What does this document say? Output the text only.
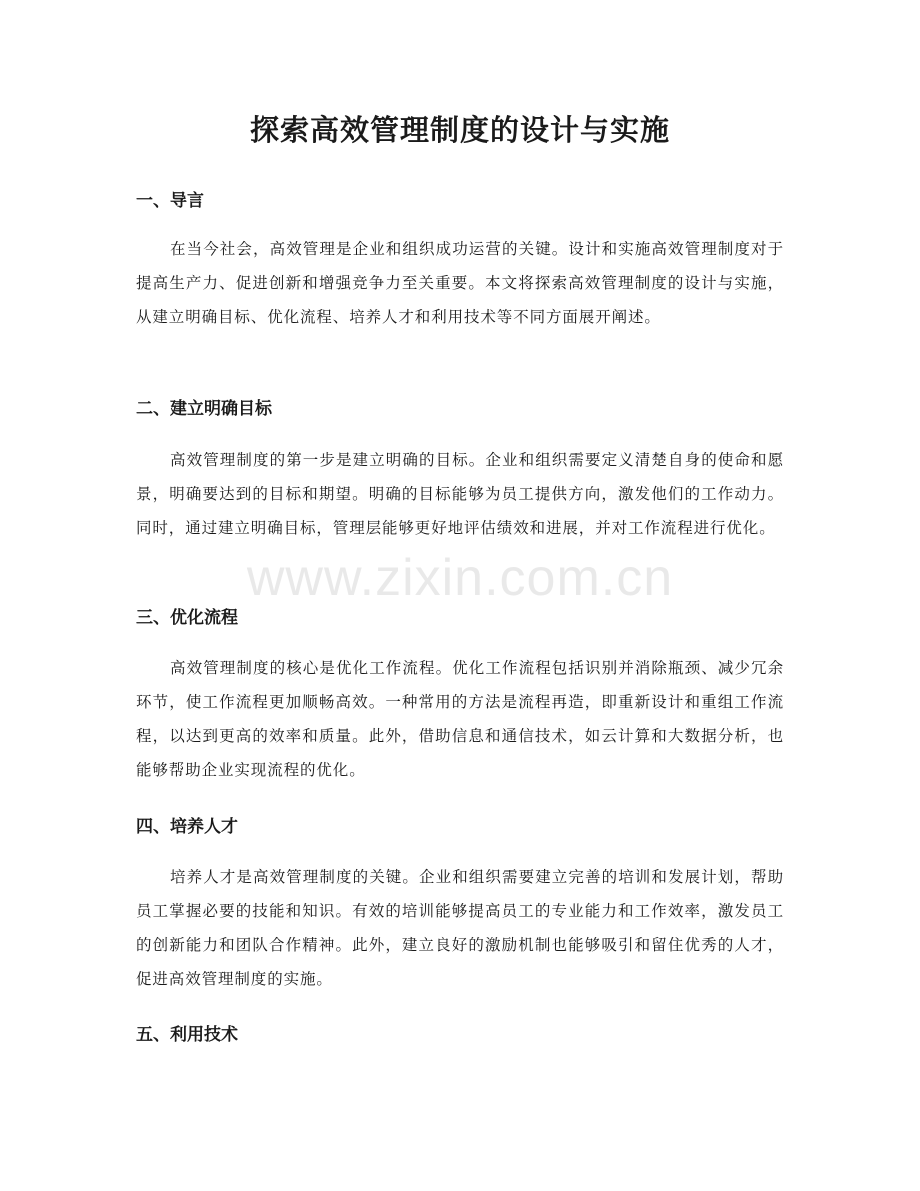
探索高效管理制度的设计与实施
一、导言

在当今社会，高效管理是企业和组织成功运营的关键。设计和实施高效管理制度对于提高生产力、促进创新和增强竞争力至关重要。本文将探索高效管理制度的设计与实施，从建立明确目标、优化流程、培养人才和利用技术等不同方面展开阐述。

二、建立明确目标

高效管理制度的第一步是建立明确的目标。企业和组织需要定义清楚自身的使命和愿景，明确要达到的目标和期望。明确的目标能够为员工提供方向，激发他们的工作动力。同时，通过建立明确目标，管理层能够更好地评估绩效和进展，并对工作流程进行优化。

三、优化流程

高效管理制度的核心是优化工作流程。优化工作流程包括识别并消除瓶颈、减少冗余环节，使工作流程更加顺畅高效。一种常用的方法是流程再造，即重新设计和重组工作流程，以达到更高的效率和质量。此外，借助信息和通信技术，如云计算和大数据分析，也能够帮助企业实现流程的优化。

四、培养人才

培养人才是高效管理制度的关键。企业和组织需要建立完善的培训和发展计划，帮助员工掌握必要的技能和知识。有效的培训能够提高员工的专业能力和工作效率，激发员工的创新能力和团队合作精神。此外，建立良好的激励机制也能够吸引和留住优秀的人才，促进高效管理制度的实施。

五、利用技术
www.zixin.com.cn
